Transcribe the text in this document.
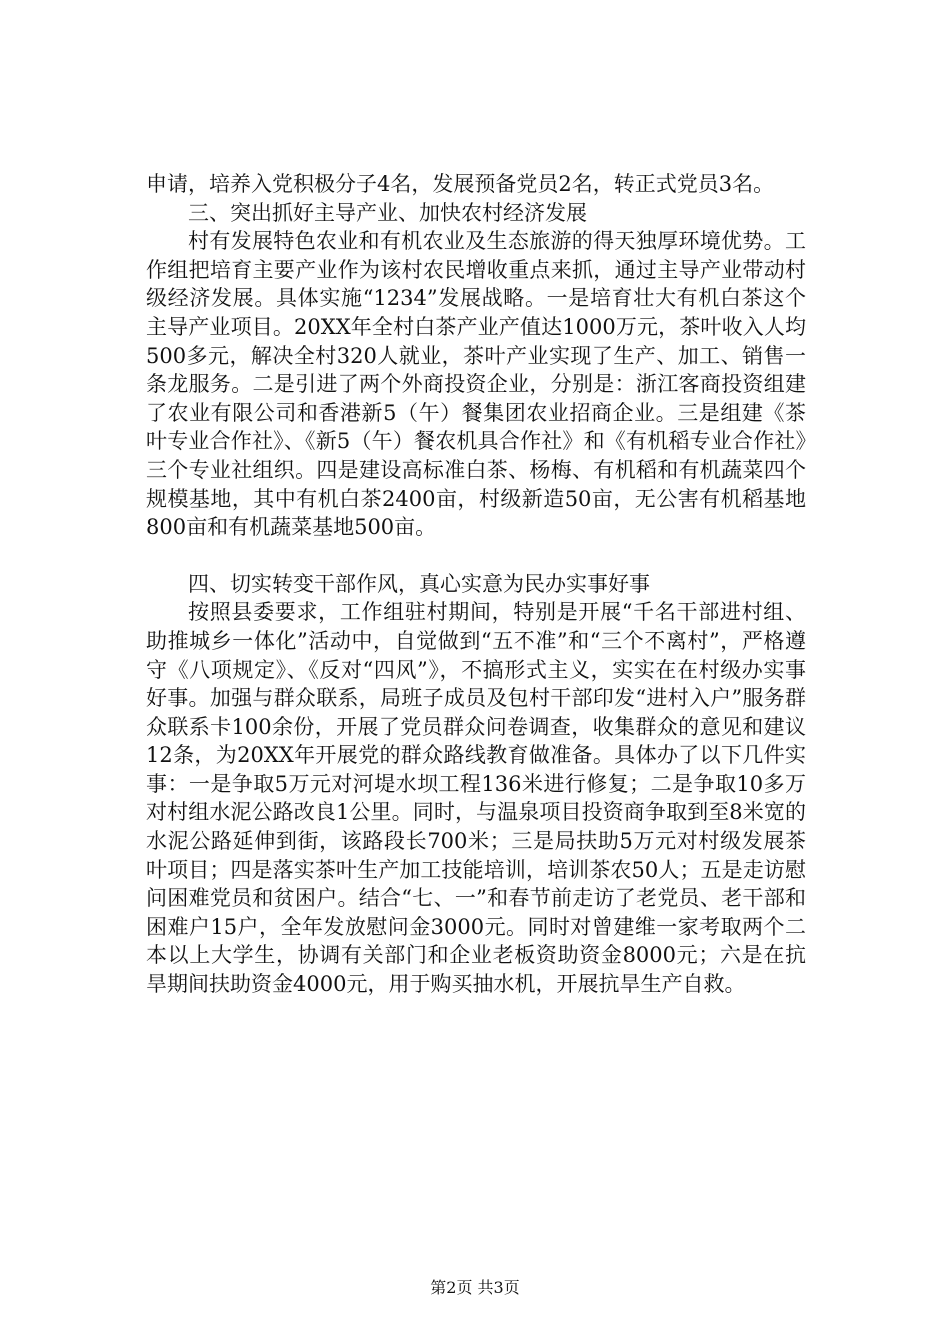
申请，培养入党积极分子4名，发展预备党员2名，转正式党员3名。

三、突出抓好主导产业、加快农村经济发展

村有发展特色农业和有机农业及生态旅游的得天独厚环境优势。工作组把培育主要产业作为该村农民增收重点来抓，通过主导产业带动村级经济发展。具体实施“1234”发展战略。一是培育壮大有机白茶这个主导产业项目。20XX年全村白茶产业产值达1000万元，茶叶收入人均500多元，解决全村320人就业，茶叶产业实现了生产、加工、销售一条龙服务。二是引进了两个外商投资企业，分别是：浙江客商投资组建了农业有限公司和香港新5（午）餐集团农业招商企业。三是组建《茶叶专业合作社》、《新5（午）餐农机具合作社》和《有机稻专业合作社》三个专业社组织。四是建设高标准白茶、杨梅、有机稻和有机蔬菜四个规模基地，其中有机白茶2400亩，村级新造50亩，无公害有机稻基地800亩和有机蔬菜基地500亩。

四、切实转变干部作风，真心实意为民办实事好事

按照县委要求，工作组驻村期间，特别是开展“千名干部进村组、助推城乡一体化”活动中，自觉做到“五不准”和“三个不离村”，严格遵守《八项规定》、《反对“四风”》，不搞形式主义，实实在在村级办实事好事。加强与群众联系，局班子成员及包村干部印发“进村入户”服务群众联系卡100余份，开展了党员群众问卷调查，收集群众的意见和建议12条，为20XX年开展党的群众路线教育做准备。具体办了以下几件实事：一是争取5万元对河堤水坝工程136米进行修复；二是争取10多万对村组水泥公路改良1公里。同时，与温泉项目投资商争取到至8米宽的水泥公路延伸到街，该路段长700米；三是局扶助5万元对村级发展茶叶项目；四是落实茶叶生产加工技能培训，培训茶农50人；五是走访慰问困难党员和贫困户。结合“七、一”和春节前走访了老党员、老干部和困难户15户，全年发放慰问金3000元。同时对曾建维一家考取两个二本以上大学生，协调有关部门和企业老板资助资金8000元；六是在抗旱期间扶助资金4000元，用于购买抽水机，开展抗旱生产自救。

第2页 共3页
